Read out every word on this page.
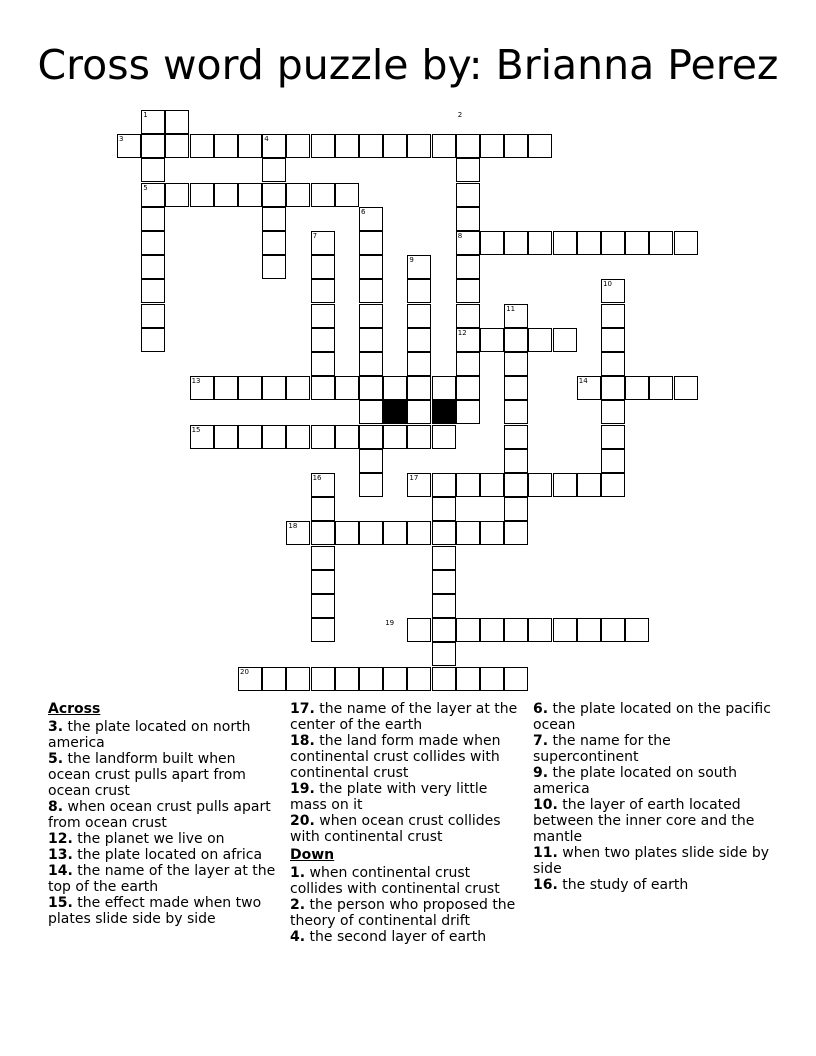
Cross word puzzle by: Brianna Perez
1	2
3	4
5
6
7	8
9
10
11
12
13	14
15
16	17
18
19
20
Across
3. the plate located on north america
5. the landform built when ocean crust pulls apart from ocean crust
8. when ocean crust pulls apart from ocean crust
12. the planet we live on
13. the plate located on africa
14. the name of the layer at the top of the earth
15. the effect made when two plates slide side by side
17. the name of the layer at the center of the earth
18. the land form made when continental crust collides with continental crust
19. the plate with very little mass on it
20. when ocean crust collides with continental crust
Down
1. when continental crust collides with continental crust
2. the person who proposed the theory of continental drift
4. the second layer of earth
6. the plate located on the pacific ocean
7. the name for the supercontinent
9. the plate located on south america
10. the layer of earth located between the inner core and the mantle
11. when two plates slide side by side
16. the study of earth
